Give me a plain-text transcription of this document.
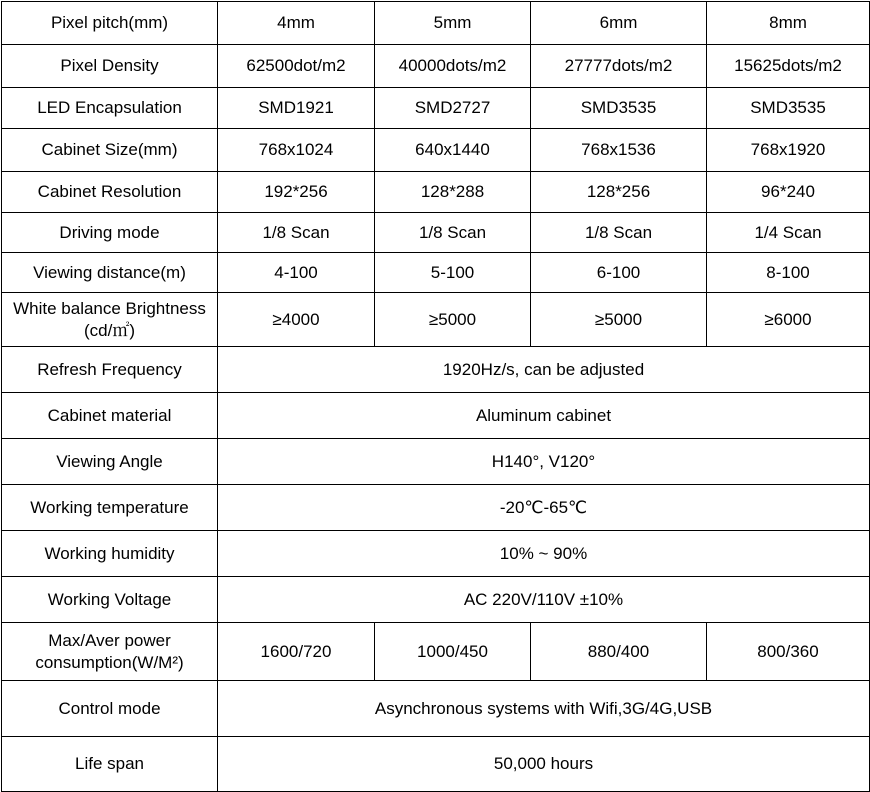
Pixel pitch(mm)	4mm	5mm	6mm	8mm
Pixel Density	62500dot/m2	40000dots/m2	27777dots/m2	15625dots/m2
LED Encapsulation	SMD1921	SMD2727	SMD3535	SMD3535
Cabinet Size(mm)	768x1024	640x1440	768x1536	768x1920
Cabinet Resolution	192*256	128*288	128*256	96*240
Driving mode	1/8 Scan	1/8 Scan	1/8 Scan	1/4 Scan
Viewing distance(m)	4-100	5-100	6-100	8-100

White balance Brightness
(cd/㎡)	≥4000	≥5000	≥5000	≥6000
Refresh Frequency	1920Hz/s, can be adjusted			
Cabinet material	Aluminum cabinet			
Viewing Angle	H140°, V120°			
Working temperature	-20℃-65℃			
Working humidity	10% ~ 90%			
Working Voltage	AC 220V/110V ±10%			

Max/Aver power
consumption(W/M²)	1600/720	1000/450	880/400	800/360
Control mode	Asynchronous systems with Wifi,3G/4G,USB			
Life span	50,000 hours			
